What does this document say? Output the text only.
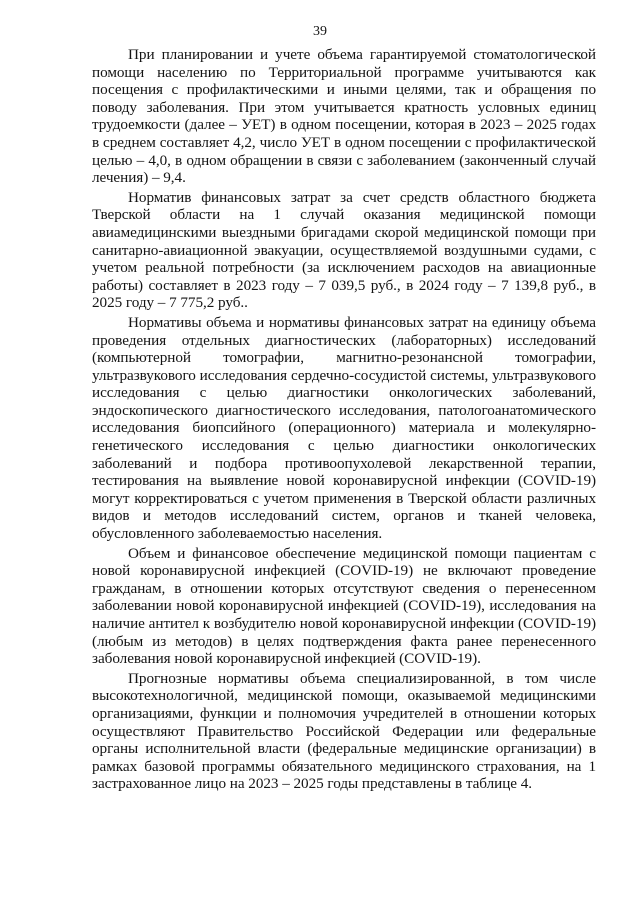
39

При планировании и учете объема гарантируемой стоматологической помощи населению по Территориальной программе учитываются как посещения с профилактическими и иными целями, так и обращения по поводу заболевания. При этом учитывается кратность условных единиц трудоемкости (далее – УЕТ) в одном посещении, которая в 2023 – 2025 годах в среднем составляет 4,2, число УЕТ в одном посещении с профилактической целью – 4,0, в одном обращении в связи с заболеванием (законченный случай лечения) – 9,4.

Норматив финансовых затрат за счет средств областного бюджета Тверской области на 1 случай оказания медицинской помощи авиамедицинскими выездными бригадами скорой медицинской помощи при санитарно-авиационной эвакуации, осуществляемой воздушными судами, с учетом реальной потребности (за исключением расходов на авиационные работы) составляет в 2023 году – 7 039,5 руб., в 2024 году – 7 139,8 руб., в 2025 году – 7 775,2 руб..

Нормативы объема и нормативы финансовых затрат на единицу объема проведения отдельных диагностических (лабораторных) исследований (компьютерной томографии, магнитно-резонансной томографии, ультразвукового исследования сердечно-сосудистой системы, ультразвукового исследования с целью диагностики онкологических заболеваний, эндоскопического диагностического исследования, патологоанатомического исследования биопсийного (операционного) материала и молекулярно-генетического исследования с целью диагностики онкологических заболеваний и подбора противоопухолевой лекарственной терапии, тестирования на выявление новой коронавирусной инфекции (COVID-19) могут корректироваться с учетом применения в Тверской области различных видов и методов исследований систем, органов и тканей человека, обусловленного заболеваемостью населения.

Объем и финансовое обеспечение медицинской помощи пациентам с новой коронавирусной инфекцией (COVID-19) не включают проведение гражданам, в отношении которых отсутствуют сведения о перенесенном заболевании новой коронавирусной инфекцией (COVID-19), исследования на наличие антител к возбудителю новой коронавирусной инфекции (COVID-19) (любым из методов) в целях подтверждения факта ранее перенесенного заболевания новой коронавирусной инфекцией (COVID-19).

Прогнозные нормативы объема специализированной, в том числе высокотехнологичной, медицинской помощи, оказываемой медицинскими организациями, функции и полномочия учредителей в отношении которых осуществляют Правительство Российской Федерации или федеральные органы исполнительной власти (федеральные медицинские организации) в рамках базовой программы обязательного медицинского страхования, на 1 застрахованное лицо на 2023 – 2025 годы представлены в таблице 4.
